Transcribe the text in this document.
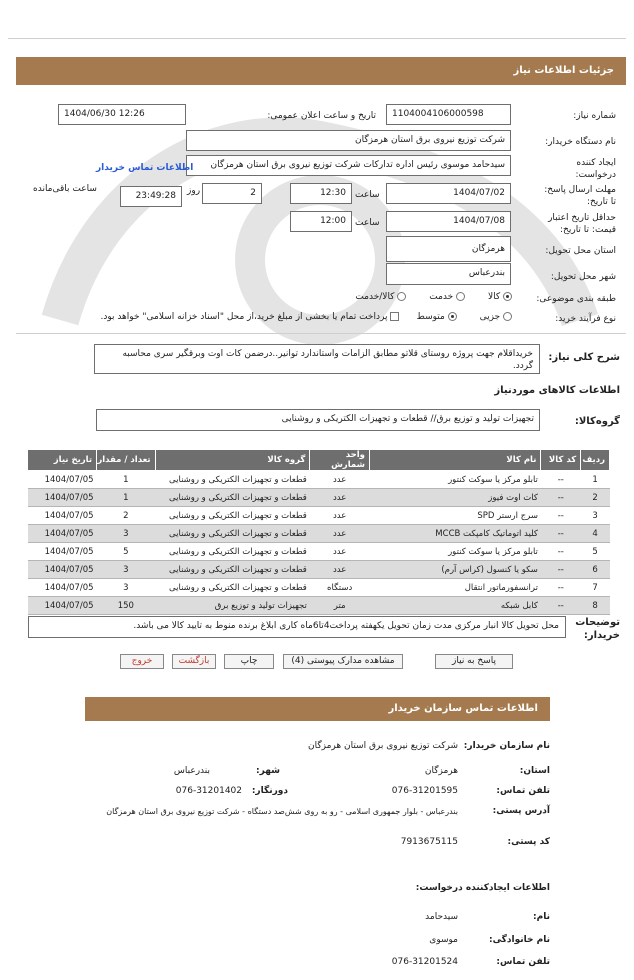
جزئیات اطلاعات نیاز
شماره نیاز:
1104004106000598
تاریخ و ساعت اعلان عمومی:
1404/06/30 12:26
نام دستگاه خریدار:
شرکت توزیع نیروی برق استان هرمزگان
ایجاد کننده درخواست:
سیدحامد موسوی رئیس اداره تدارکات شرکت توزیع نیروی برق استان هرمزگان
اطلاعات تماس خریدار
مهلت ارسال پاسخ: تا تاریخ:
1404/07/02
ساعت
12:30
2
روز
23:49:28
ساعت باقی‌مانده
حداقل تاریخ اعتبار قیمت: تا تاریخ:
1404/07/08
ساعت
12:00
استان محل تحویل:
هرمزگان
شهر محل تحویل:
بندرعباس
طبقه بندی موضوعی:
کالا         خدمت         کالا/خدمت
نوع فرآیند خرید:
جزیی         متوسط       پرداخت تمام یا بخشی از مبلغ خرید،از محل "اسناد خزانه اسلامی" خواهد بود.
شرح کلی نیاز:
خریداقلام جهت پروژه روستای قلاتو مطابق الزامات واستاندارد توانیر..درضمن کات اوت وبرقگیر سری محاسبه گردد.
اطلاعات کالاهای موردنیاز
گروه‌کالا:
تجهیزات تولید و توزیع برق// قطعات و تجهیزات الکتریکی و روشنایی
ردیف	کد کالا	نام کالا	واحد شمارش	گروه کالا	تعداد / مقدار	تاریخ نیاز
1	--	تابلو مرکز یا سوکت کنتور	عدد	قطعات و تجهیزات الکتریکی و روشنایی	1	1404/07/05
2	--	کات اوت فیوز	عدد	قطعات و تجهیزات الکتریکی و روشنایی	1	1404/07/05
3	--	سرج ارستر SPD	عدد	قطعات و تجهیزات الکتریکی و روشنایی	2	1404/07/05
4	--	کلید اتوماتیک کامپکت MCCB	عدد	قطعات و تجهیزات الکتریکی و روشنایی	3	1404/07/05
5	--	تابلو مرکز یا سوکت کنتور	عدد	قطعات و تجهیزات الکتریکی و روشنایی	5	1404/07/05
6	--	سکو یا کنسول (کراس آرم)	عدد	قطعات و تجهیزات الکتریکی و روشنایی	3	1404/07/05
7	--	ترانسفورماتور انتقال	دستگاه	قطعات و تجهیزات الکتریکی و روشنایی	3	1404/07/05
8	--	کابل شبکه	متر	تجهیزات تولید و توزیع برق	150	1404/07/05
توضیحات خریدار:
محل تحویل کالا انبار مرکزی مدت زمان تحویل یکهفته پرداخت4تا6ماه کاری ابلاغ برنده منوط به تایید کالا می باشد.
پاسخ به نیاز
مشاهده مدارک پیوستی (4)
چاپ
بازگشت
خروج
اطلاعات تماس سازمان خریدار
نام سازمان خریدار:
شرکت توزیع نیروی برق استان هرمزگان
استان:
هرمزگان
شهر:
بندرعباس
تلفن تماس:
076-31201595
دورنگار:
076-31201402
آدرس پستی:
بندرعباس - بلوار جمهوری اسلامی - رو به روی شش‌صد دستگاه - شرکت توزیع نیروی برق استان هرمزگان
کد پستی:
7913675115
اطلاعات ایجادکننده درخواست:
نام:
سیدحامد
نام خانوادگی:
موسوی
تلفن تماس:
076-31201524
